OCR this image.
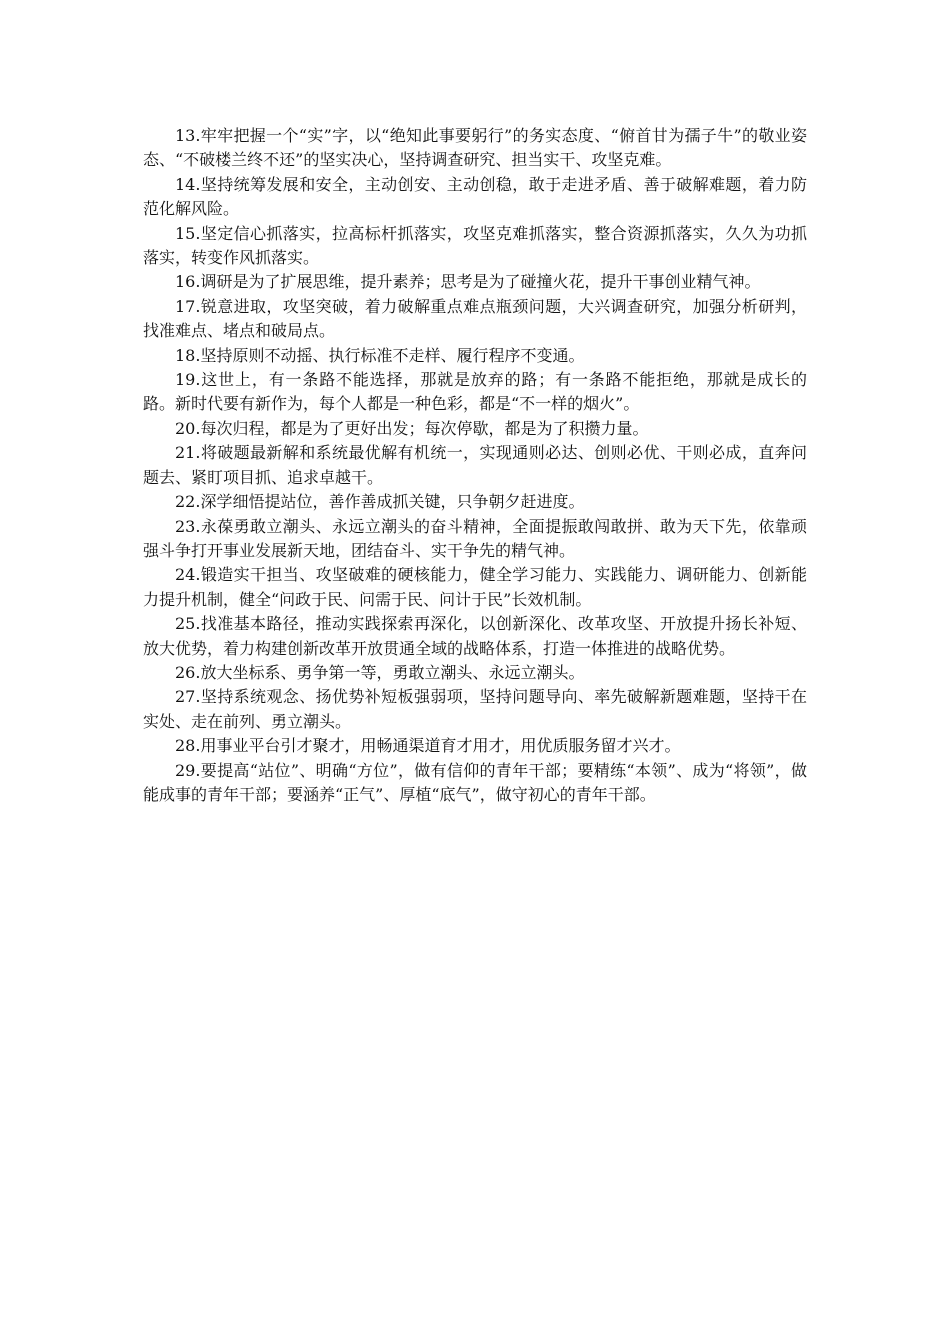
13.牢牢把握一个“实”字，以“绝知此事要躬行”的务实态度、“俯首甘为孺子牛”的敬业姿态、“不破楼兰终不还”的坚实决心，坚持调查研究、担当实干、攻坚克难。

14.坚持统筹发展和安全，主动创安、主动创稳，敢于走进矛盾、善于破解难题，着力防范化解风险。

15.坚定信心抓落实，拉高标杆抓落实，攻坚克难抓落实，整合资源抓落实，久久为功抓落实，转变作风抓落实。

16.调研是为了扩展思维，提升素养；思考是为了碰撞火花，提升干事创业精气神。

17.锐意进取，攻坚突破，着力破解重点难点瓶颈问题，大兴调查研究，加强分析研判，找准难点、堵点和破局点。

18.坚持原则不动摇、执行标准不走样、履行程序不变通。

19.这世上，有一条路不能选择，那就是放弃的路；有一条路不能拒绝，那就是成长的路。新时代要有新作为，每个人都是一种色彩，都是“不一样的烟火”。

20.每次归程，都是为了更好出发；每次停歇，都是为了积攒力量。

21.将破题最新解和系统最优解有机统一，实现通则必达、创则必优、干则必成，直奔问题去、紧盯项目抓、追求卓越干。

22.深学细悟提站位，善作善成抓关键，只争朝夕赶进度。

23.永葆勇敢立潮头、永远立潮头的奋斗精神，全面提振敢闯敢拼、敢为天下先，依靠顽强斗争打开事业发展新天地，团结奋斗、实干争先的精气神。

24.锻造实干担当、攻坚破难的硬核能力，健全学习能力、实践能力、调研能力、创新能力提升机制，健全“问政于民、问需于民、问计于民”长效机制。

25.找准基本路径，推动实践探索再深化，以创新深化、改革攻坚、开放提升扬长补短、放大优势，着力构建创新改革开放贯通全域的战略体系，打造一体推进的战略优势。

26.放大坐标系、勇争第一等，勇敢立潮头、永远立潮头。

27.坚持系统观念、扬优势补短板强弱项，坚持问题导向、率先破解新题难题，坚持干在实处、走在前列、勇立潮头。

28.用事业平台引才聚才，用畅通渠道育才用才，用优质服务留才兴才。

29.要提高“站位”、明确“方位”，做有信仰的青年干部；要精练“本领”、成为“将领”，做能成事的青年干部；要涵养“正气”、厚植“底气”，做守初心的青年干部。
